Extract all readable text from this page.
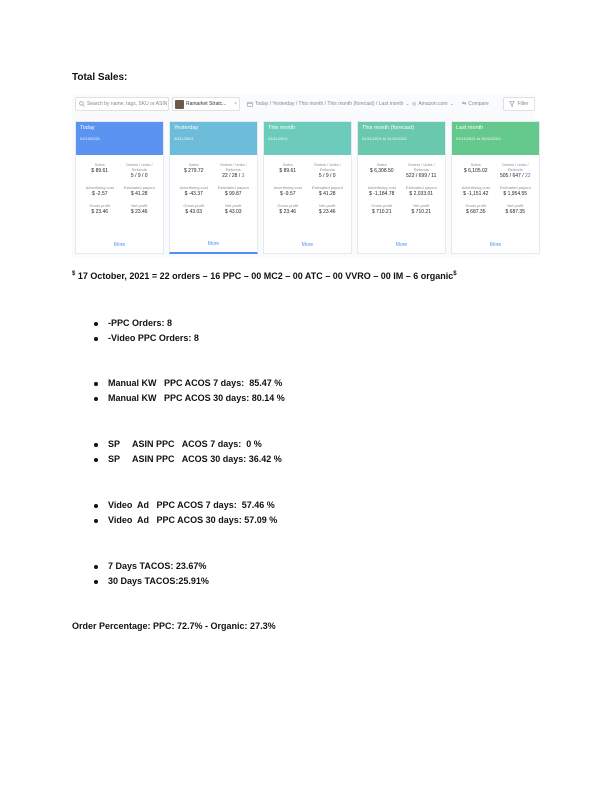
Total Sales:
Search by name, tags, SKU or ASIN	Ramarket Stratc... ×	Today / Yesterday / This month / This month (forecast) / Last month ⌄ ◎ Amazon.com ⌄ ⇆ Compare	Filter
Today
01/10/2021
Sales
$ 89.61
Orders / Units / Refunds
5 / 9 / 0
Advertising cost
$ -2.57
Estimated payout
$ 41.28
Gross profit
$ 23.46
Net profit
$ 23.46
More
Yesterday
30/11/2021
Sales
$ 279.72
Orders / Units / Refunds
22 / 28 / 3
Advertising cost
$ -43.37
Estimated payout
$ 99.87
Gross profit
$ 43.03
Net profit
$ 43.03
More
This month
01/11/2021
Sales
$ 89.61
Orders / Units / Refunds
5 / 9 / 0
Advertising cost
$ -9.57
Estimated payout
$ 41.28
Gross profit
$ 23.46
Net profit
$ 23.46
More
This month (forecast)
01/11/2021 to 31/11/2021
Sales
$ 6,308.50
Orders / Units / Refunds
522 / 699 / 11
Advertising cost
$ -1,184.78
Estimated payout
$ 2,033.01
Gross profit
$ 710.21
Net profit
$ 710.21
More
Last month
01/11/2021 to 30/11/2021
Sales
$ 6,105.02
Orders / Units / Refunds
505 / 647 / 22
Advertising cost
$ -1,151.42
Estimated payout
$ 1,954.55
Gross profit
$ 687.35
Net profit
$ 687.35
More
$ 17 October, 2021 = 22 orders – 16 PPC – 00 MC2 – 00 ATC – 00 VVRO – 00 IM – 6 organic$
-PPC Orders: 8
-Video PPC Orders: 8
Manual KW   PPC ACOS 7 days:  85.47 %
Manual KW   PPC ACOS 30 days: 80.14 %
SP     ASIN PPC   ACOS 7 days:  0 %
SP     ASIN PPC   ACOS 30 days: 36.42 %
Video  Ad   PPC ACOS 7 days:  57.46 %
Video  Ad   PPC ACOS 30 days: 57.09 %
7 Days TACOS: 23.67%
30 Days TACOS:25.91%
Order Percentage: PPC: 72.7% - Organic: 27.3%
